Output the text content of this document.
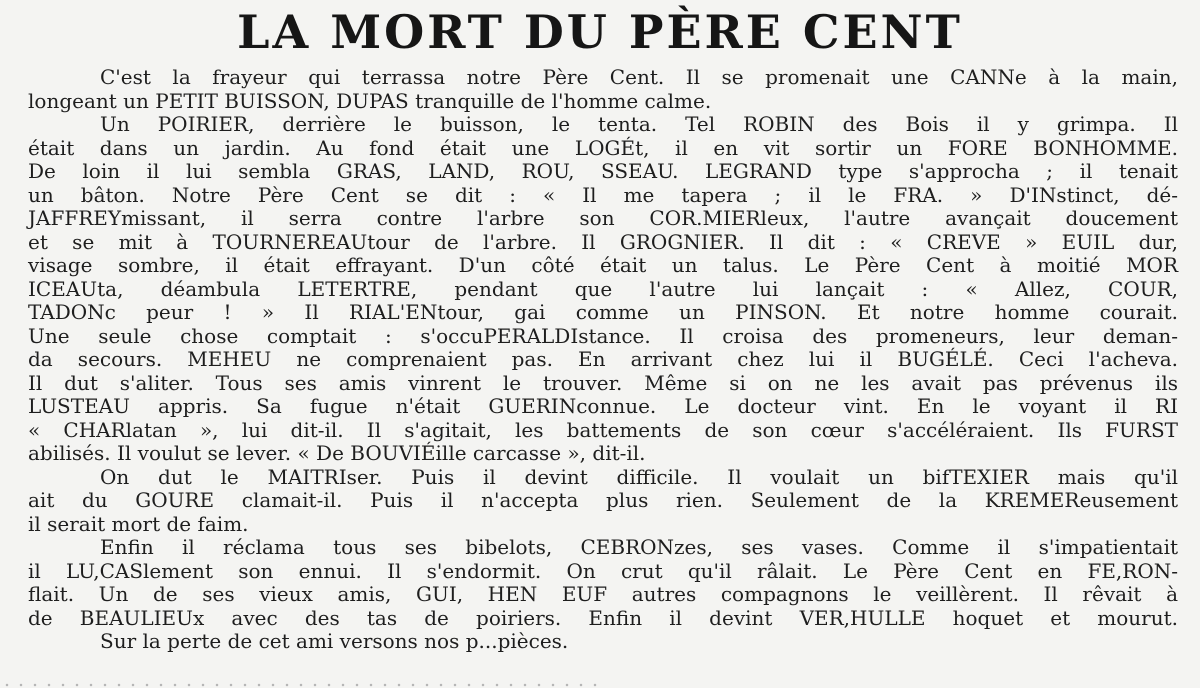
LA MORT DU PÈRE CENT
C'est la frayeur qui terrassa notre Père Cent. Il se promenait une CANNe à la main,
longeant un PETIT BUISSON, DUPAS tranquille de l'homme calme.
Un POIRIER, derrière le buisson, le tenta. Tel ROBIN des Bois il y grimpa. Il
était dans un jardin. Au fond était une LOGÉt, il en vit sortir un FORE BONHOMME.
De loin il lui sembla GRAS, LAND, ROU, SSEAU. LEGRAND type s'approcha ; il tenait
un bâton. Notre Père Cent se dit : « Il me tapera ; il le FRA. » D'INstinct, dé-
JAFFREYmissant, il serra contre l'arbre son COR.MIERleux, l'autre avançait doucement
et se mit à TOURNEREAUtour de l'arbre. Il GROGNIER. Il dit : « CREVE » EUIL dur,
visage sombre, il était effrayant. D'un côté était un talus. Le Père Cent à moitié MOR
ICEAUta, déambula LETERTRE, pendant que l'autre lui lançait : « Allez, COUR,
TADONc peur ! » Il RIAL'ENtour, gai comme un PINSON. Et notre homme courait.
Une seule chose comptait : s'occuPERALDIstance. Il croisa des promeneurs, leur deman-
da secours. MEHEU ne comprenaient pas. En arrivant chez lui il BUGÉLÉ. Ceci l'acheva.
Il dut s'aliter. Tous ses amis vinrent le trouver. Même si on ne les avait pas prévenus ils
LUSTEAU appris. Sa fugue n'était GUERINconnue. Le docteur vint. En le voyant il RI
« CHARlatan », lui dit-il. Il s'agitait, les battements de son cœur s'accéléraient. Ils FURST
abilisés. Il voulut se lever. « De BOUVIÉille carcasse », dit-il.
On dut le MAITRIser. Puis il devint difficile. Il voulait un bifTEXIER mais qu'il
ait du GOURE clamait-il. Puis il n'accepta plus rien. Seulement de la KREMEReusement
il serait mort de faim.
Enfin il réclama tous ses bibelots, CEBRONzes, ses vases. Comme il s'impatientait
il LU,CASlement son ennui. Il s'endormit. On crut qu'il râlait. Le Père Cent en FE,RON-
flait. Un de ses vieux amis, GUI, HEN EUF autres compagnons le veillèrent. Il rêvait à
de BEAULIEUx avec des tas de poiriers. Enfin il devint VER,HULLE hoquet et mourut.
Sur la perte de cet ami versons nos p...pièces.
